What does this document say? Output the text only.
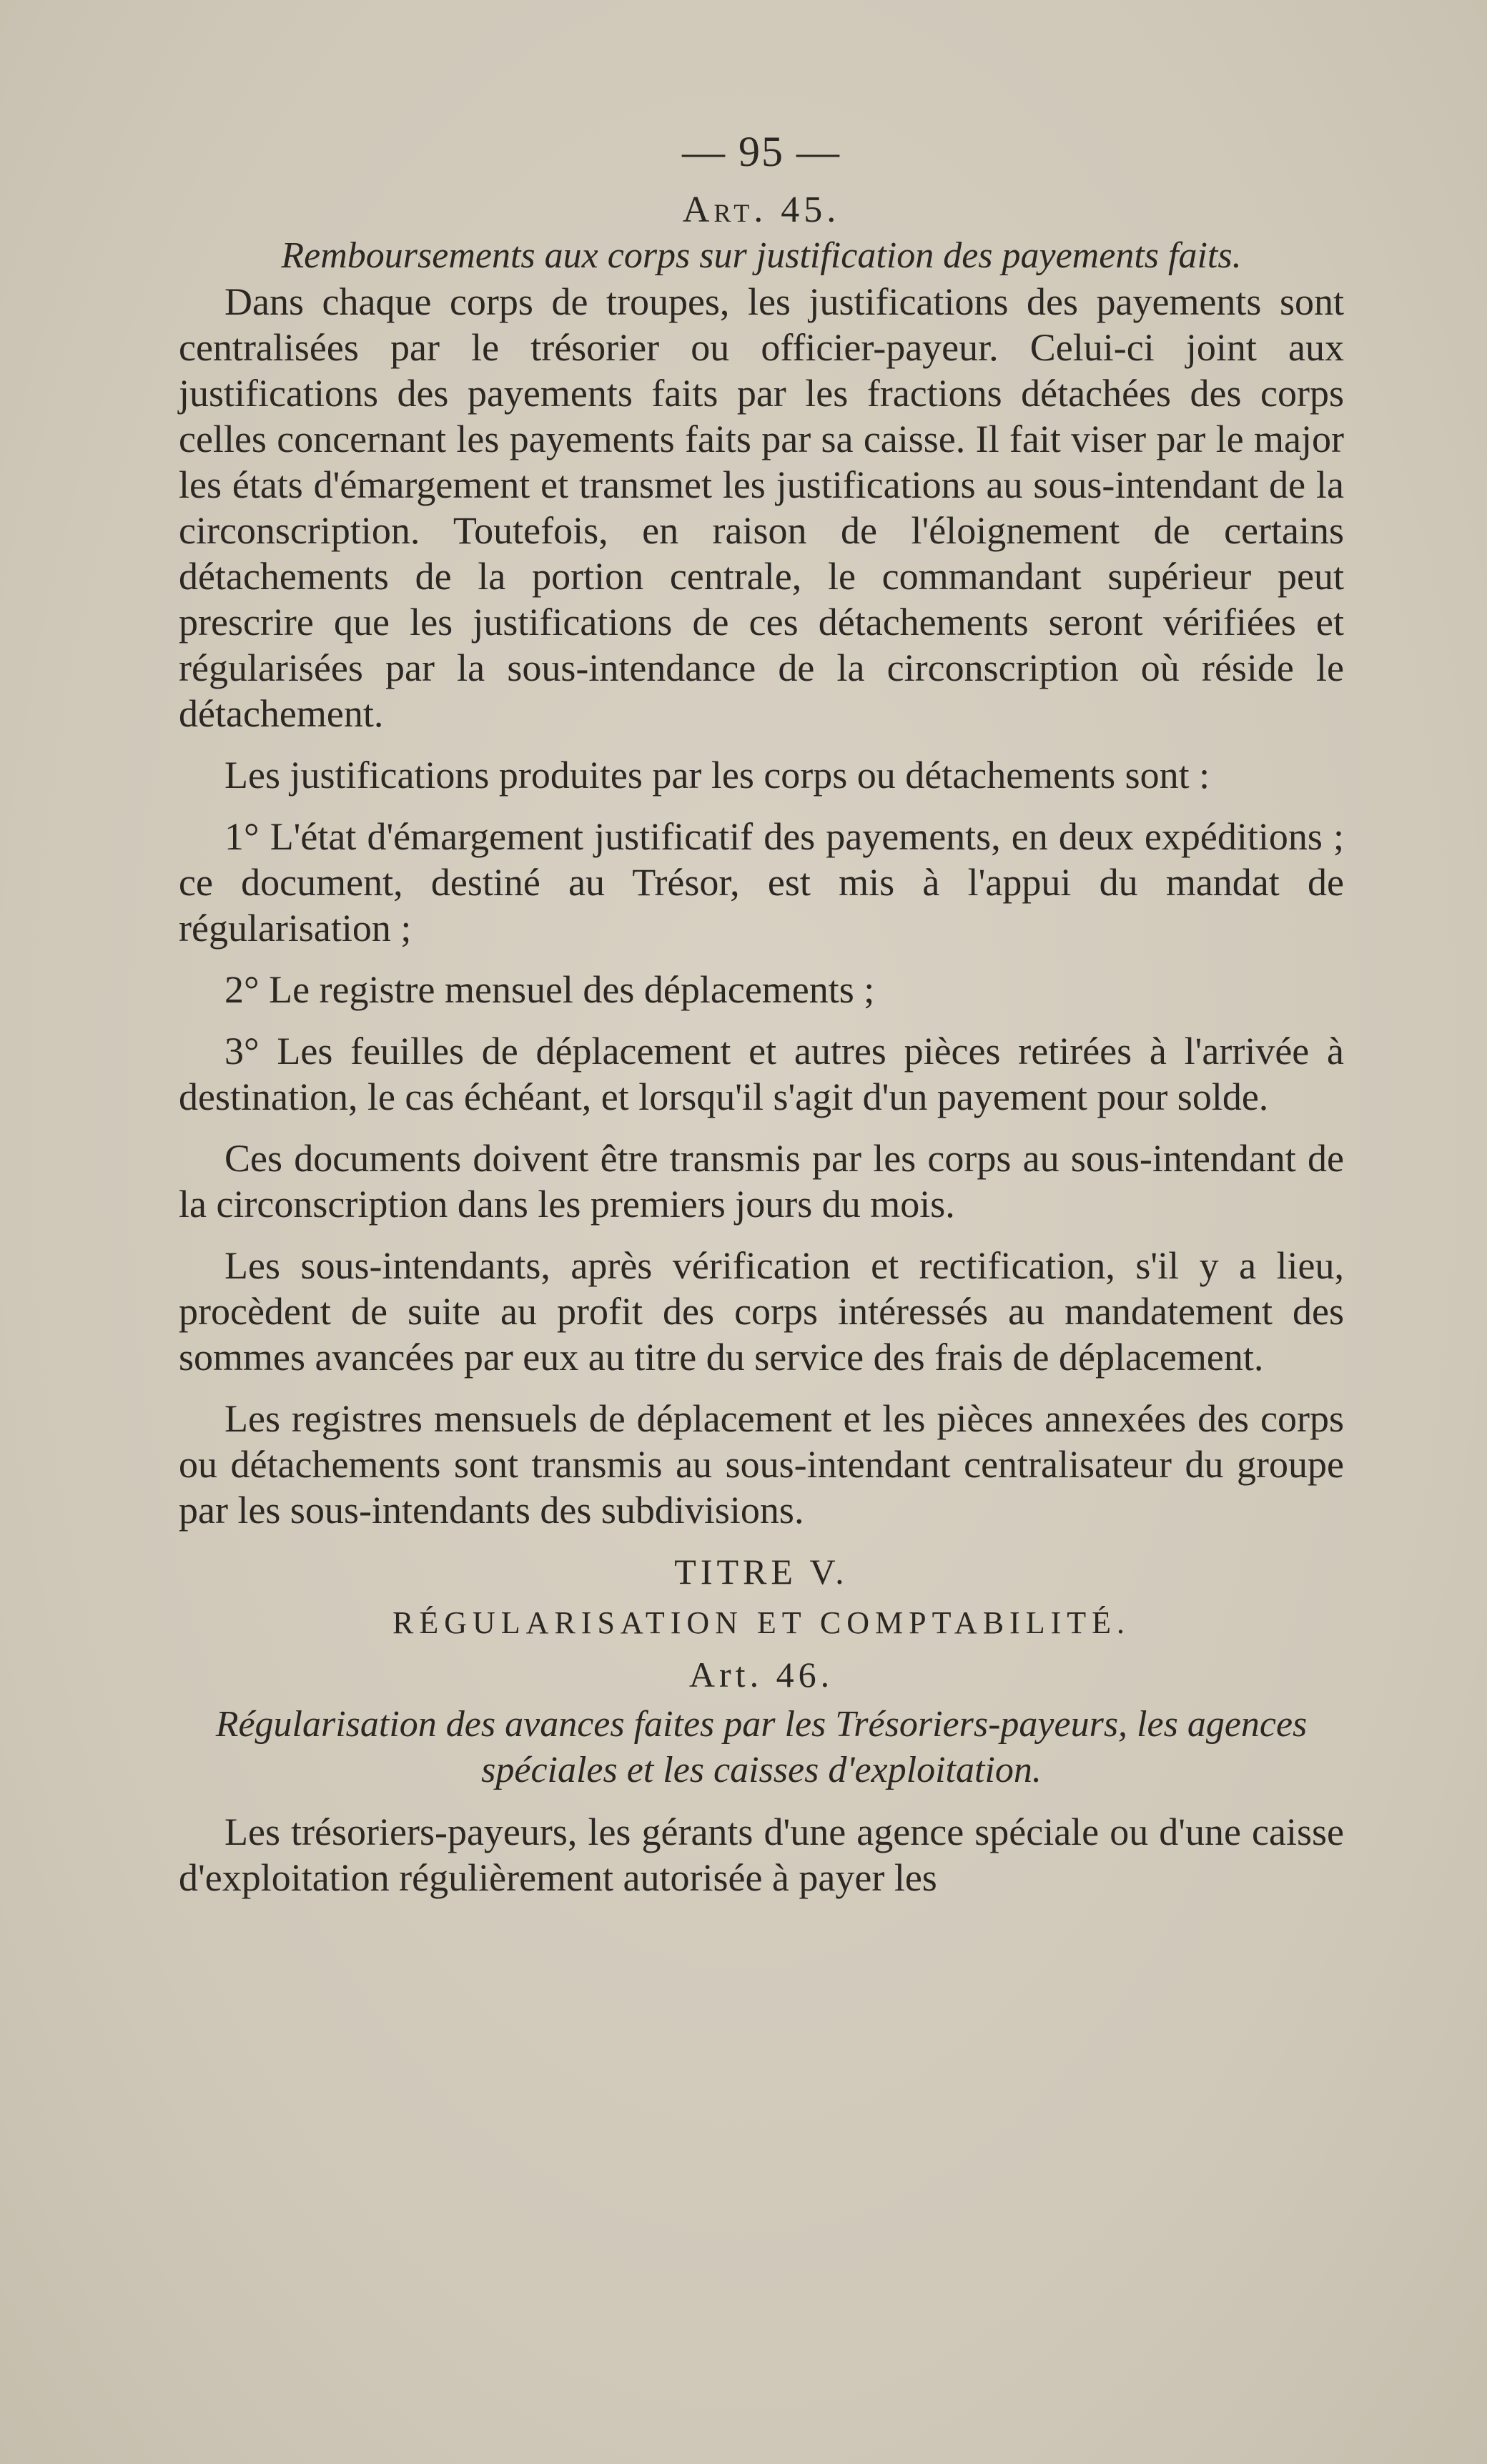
— 95 —
Art. 45.
Remboursements aux corps sur justification des payements faits.

Dans chaque corps de troupes, les justifications des payements sont centralisées par le trésorier ou officier-payeur. Celui-ci joint aux justifications des payements faits par les fractions détachées des corps celles concernant les payements faits par sa caisse. Il fait viser par le major les états d'émargement et transmet les justifications au sous-intendant de la circonscription. Toutefois, en raison de l'éloignement de certains détachements de la portion centrale, le commandant supérieur peut prescrire que les justifications de ces détachements seront vérifiées et régularisées par la sous-intendance de la circonscription où réside le détachement.

Les justifications produites par les corps ou détachements sont :

1° L'état d'émargement justificatif des payements, en deux expéditions ; ce document, destiné au Trésor, est mis à l'appui du mandat de régularisation ;

2° Le registre mensuel des déplacements ;

3° Les feuilles de déplacement et autres pièces retirées à l'arrivée à destination, le cas échéant, et lorsqu'il s'agit d'un payement pour solde.

Ces documents doivent être transmis par les corps au sous-intendant de la circonscription dans les premiers jours du mois.

Les sous-intendants, après vérification et rectification, s'il y a lieu, procèdent de suite au profit des corps intéressés au mandatement des sommes avancées par eux au titre du service des frais de déplacement.

Les registres mensuels de déplacement et les pièces annexées des corps ou détachements sont transmis au sous-intendant centralisateur du groupe par les sous-intendants des subdivisions.

TITRE V.
RÉGULARISATION ET COMPTABILITÉ.
Art. 46.
Régularisation des avances faites par les Trésoriers-payeurs, les agences spéciales et les caisses d'exploitation.

Les trésoriers-payeurs, les gérants d'une agence spéciale ou d'une caisse d'exploitation régulièrement autorisée à payer les
